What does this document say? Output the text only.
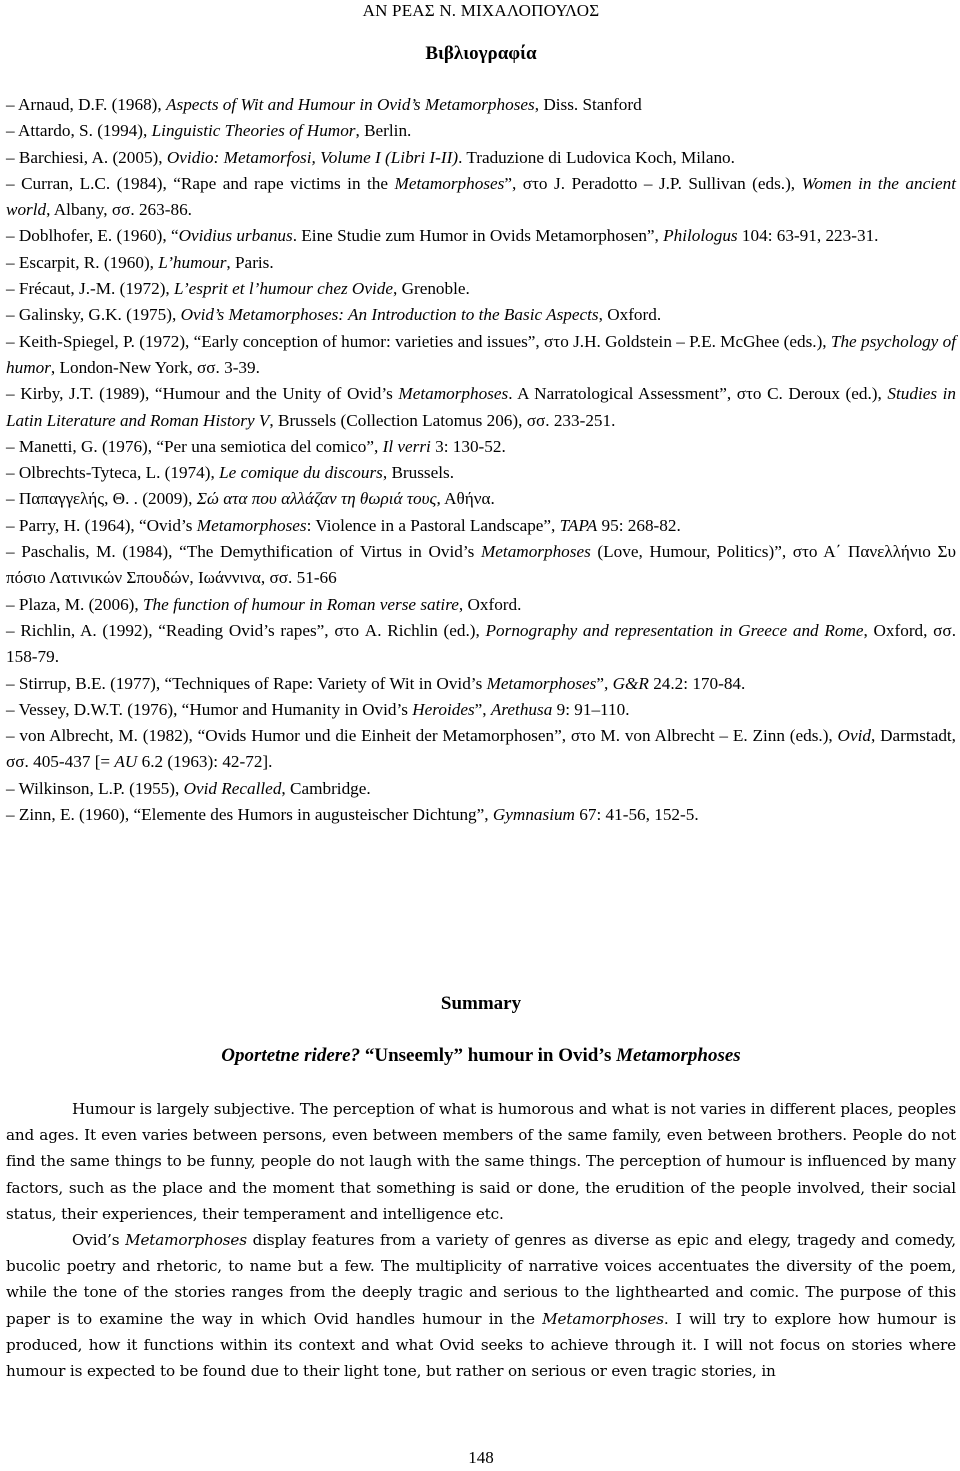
ΑΝ ΡΕΑΣ Ν. ΜΙΧΑΛΟΠΟΥΛΟΣ
Βιβλιογραφία
– Arnaud, D.F. (1968), Aspects of Wit and Humour in Ovid’s Metamorphoses, Diss. Stanford
– Attardo, S. (1994), Linguistic Theories of Humor, Berlin.
– Barchiesi, A. (2005), Ovidio: Metamorfosi, Volume I (Libri I-II). Traduzione di Ludovica Koch, Milano.
– Curran, L.C. (1984), “Rape and rape victims in the Metamorphoses”, στο J. Peradotto – J.P. Sullivan (eds.), Women in the ancient world, Albany, σσ. 263-86.
– Doblhofer, E. (1960), “Ovidius urbanus. Eine Studie zum Humor in Ovids Metamorphosen”, Philologus 104: 63-91, 223-31.
– Escarpit, R. (1960), L’humour, Paris.
– Frécaut, J.-M. (1972), L’esprit et l’humour chez Ovide, Grenoble.
– Galinsky, G.K. (1975), Ovid’s Metamorphoses: An Introduction to the Basic Aspects, Oxford.
– Keith-Spiegel, P. (1972), “Early conception of humor: varieties and issues”, στο J.H. Goldstein – P.E. McGhee (eds.), The psychology of humor, London-New York, σσ. 3-39.
– Kirby, J.T. (1989), “Humour and the Unity of Ovid’s Metamorphoses. A Narratological Assessment”, στο C. Deroux (ed.), Studies in Latin Literature and Roman History V, Brussels (Collection Latomus 206), σσ. 233-251.
– Manetti, G. (1976), “Per una semiotica del comico”, Il verri 3: 130-52.
– Olbrechts-Tyteca, L. (1974), Le comique du discours, Brussels.
– Παπαγγελής, Θ. . (2009), Σώ ατα που αλλάζαν τη θωριά τους, Αθήνα.
– Parry, H. (1964), “Ovid’s Metamorphoses: Violence in a Pastoral Landscape”, TAPA 95: 268-82.
– Paschalis, M. (1984), “The Demythification of Virtus in Ovid’s Metamorphoses (Love, Humour, Politics)”, στο Α΄ Πανελλήνιο Συ πόσιο Λατινικών Σπουδών, Ιωάννινα, σσ. 51-66
– Plaza, M. (2006), The function of humour in Roman verse satire, Oxford.
– Richlin, A. (1992), “Reading Ovid’s rapes”, στο A. Richlin (ed.), Pornography and representation in Greece and Rome, Oxford, σσ. 158-79.
– Stirrup, B.E. (1977), “Techniques of Rape: Variety of Wit in Ovid’s Metamorphoses”, G&R 24.2: 170-84.
– Vessey, D.W.T. (1976), “Humor and Humanity in Ovid’s Heroides”, Arethusa 9: 91–110.
– von Albrecht, M. (1982), “Ovids Humor und die Einheit der Metamorphosen”, στο M. von Albrecht – E. Zinn (eds.), Ovid, Darmstadt, σσ. 405-437 [= AU 6.2 (1963): 42-72].
– Wilkinson, L.P. (1955), Ovid Recalled, Cambridge.
– Zinn, E. (1960), “Elemente des Humors in augusteischer Dichtung”, Gymnasium 67: 41-56, 152-5.
Summary
Oportetne ridere? “Unseemly” humour in Ovid’s Metamorphoses

Humour is largely subjective. The perception of what is humorous and what is not varies in different places, peoples and ages. It even varies between persons, even between members of the same family, even between brothers. People do not find the same things to be funny, people do not laugh with the same things. The perception of humour is influenced by many factors, such as the place and the moment that something is said or done, the erudition of the people involved, their social status, their experiences, their temperament and intelligence etc.

Ovid’s Metamorphoses display features from a variety of genres as diverse as epic and elegy, tragedy and comedy, bucolic poetry and rhetoric, to name but a few. The multiplicity of narrative voices accentuates the diversity of the poem, while the tone of the stories ranges from the deeply tragic and serious to the lighthearted and comic. The purpose of this paper is to examine the way in which Ovid handles humour in the Metamorphoses. I will try to explore how humour is produced, how it functions within its context and what Ovid seeks to achieve through it. I will not focus on stories where humour is expected to be found due to their light tone, but rather on serious or even tragic stories, in

148
